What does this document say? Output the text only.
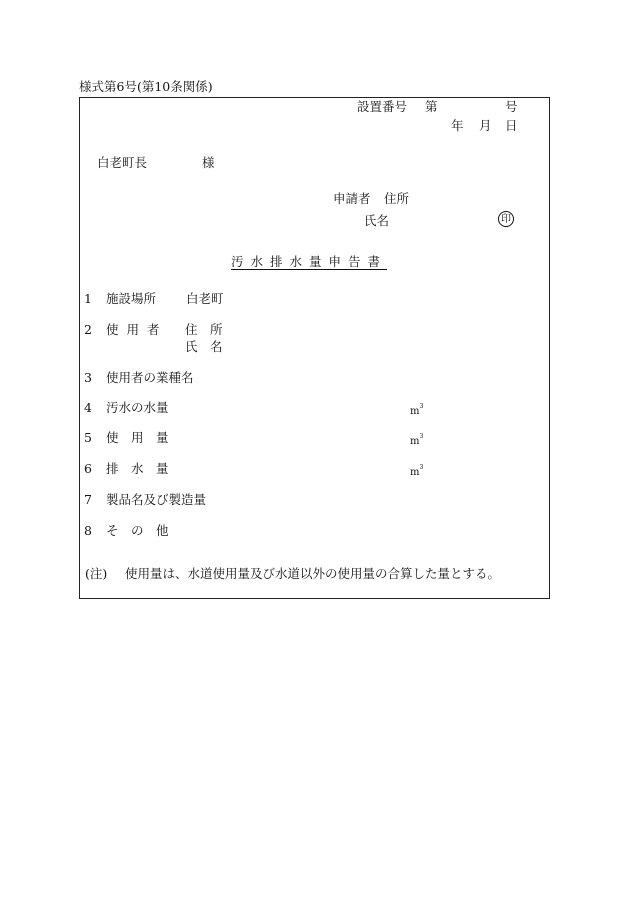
様式第6号(第10条関係)
設置番号 第	号
年 月 日
白老町長	様
申請者 住所
氏名	印
汚水排水量申告書
1 施設場所 白老町
2 使 用 者 住　所
氏　名
3 使用者の業種名
4 汚水の水量	$m^3$
5 使　用　量	$m^3$
6 排　水　量	$m^3$
7 製品名及び製造量
8 そ　の　他
(注) 使用量は、水道使用量及び水道以外の使用量の合算した量とする。
